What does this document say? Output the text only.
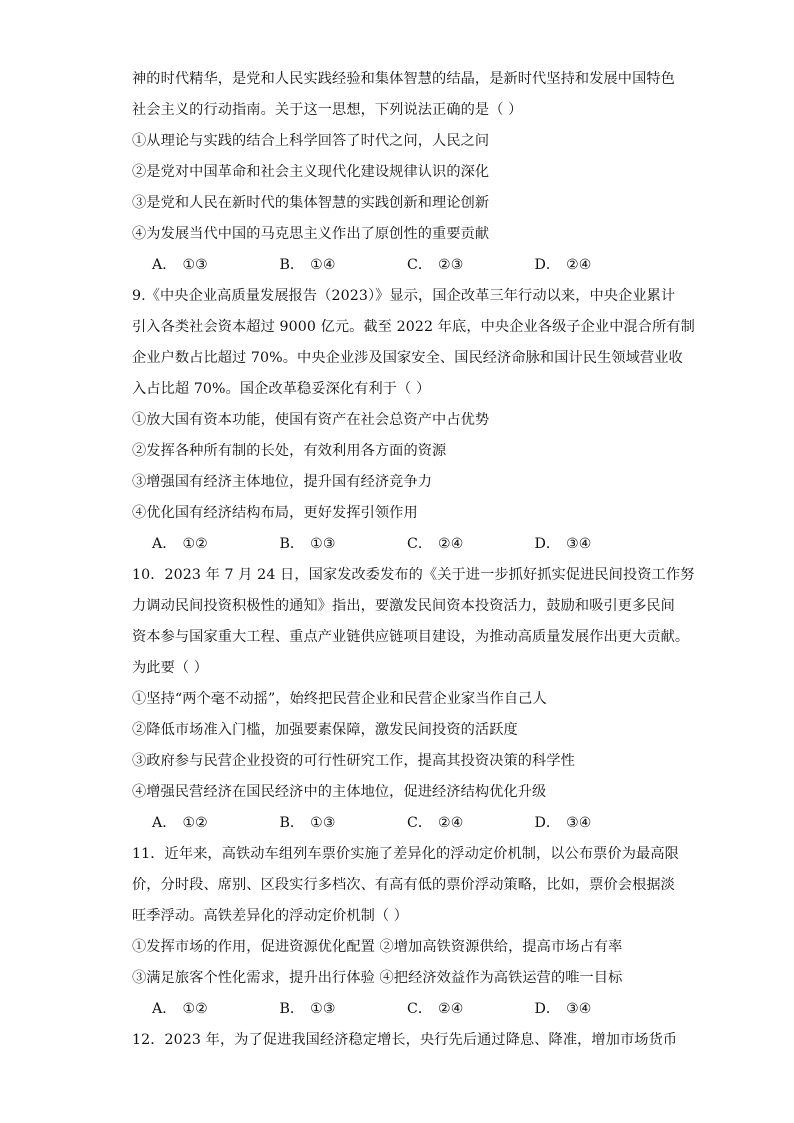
神的时代精华，是党和人民实践经验和集体智慧的结晶，是新时代坚持和发展中国特色
社会主义的行动指南。关于这一思想，下列说法正确的是（ ）
①从理论与实践的结合上科学回答了时代之问，人民之问
②是党对中国革命和社会主义现代化建设规律认识的深化
③是党和人民在新时代的集体智慧的实践创新和理论创新
④为发展当代中国的马克思主义作出了原创性的重要贡献
A． ①③	B． ①④	C． ②③	D． ②④
9.《中央企业高质量发展报告（2023）》显示，国企改革三年行动以来，中央企业累计
引入各类社会资本超过 9000 亿元。截至 2022 年底，中央企业各级子企业中混合所有制
企业户数占比超过 70%。中央企业涉及国家安全、国民经济命脉和国计民生领域营业收
入占比超 70%。国企改革稳妥深化有利于（ ）
①放大国有资本功能，使国有资产在社会总资产中占优势
②发挥各种所有制的长处，有效利用各方面的资源
③增强国有经济主体地位，提升国有经济竞争力
④优化国有经济结构布局，更好发挥引领作用
A． ①②	B． ①③	C． ②④	D． ③④
10．2023 年 7 月 24 日，国家发改委发布的《关于进一步抓好抓实促进民间投资工作努
力调动民间投资积极性的通知》指出，要激发民间资本投资活力，鼓励和吸引更多民间
资本参与国家重大工程、重点产业链供应链项目建设，为推动高质量发展作出更大贡献。
为此要（ ）
①坚持“两个毫不动摇”，始终把民营企业和民营企业家当作自己人
②降低市场准入门槛，加强要素保障，激发民间投资的活跃度
③政府参与民营企业投资的可行性研究工作，提高其投资决策的科学性
④增强民营经济在国民经济中的主体地位，促进经济结构优化升级
A． ①②	B． ①③	C． ②④	D． ③④
11．近年来，高铁动车组列车票价实施了差异化的浮动定价机制，以公布票价为最高限
价，分时段、席别、区段实行多档次、有高有低的票价浮动策略，比如，票价会根据淡
旺季浮动。高铁差异化的浮动定价机制（ ）
①发挥市场的作用，促进资源优化配置 ②增加高铁资源供给，提高市场占有率
③满足旅客个性化需求，提升出行体验 ④把经济效益作为高铁运营的唯一目标
A． ①②	B． ①③	C． ②④	D． ③④
12．2023 年，为了促进我国经济稳定增长，央行先后通过降息、降准，增加市场货币
